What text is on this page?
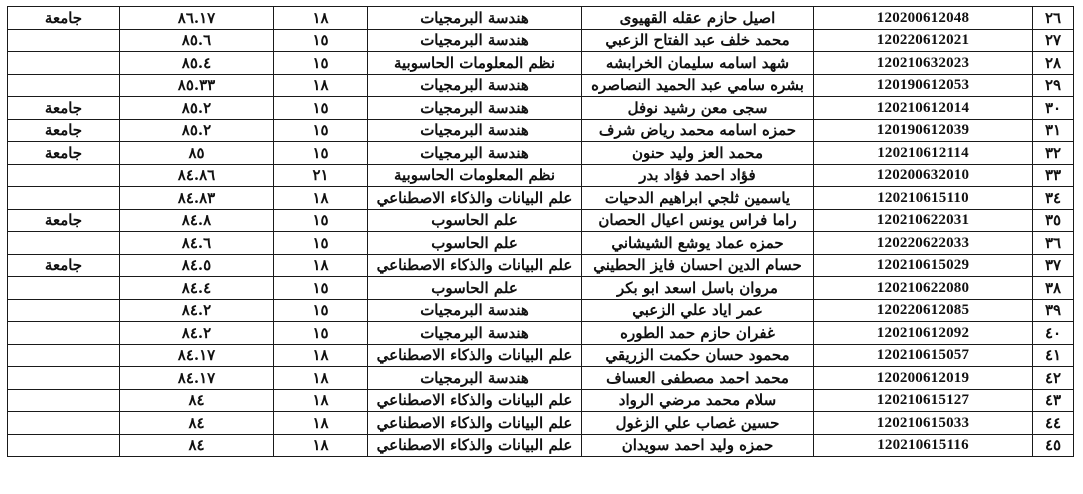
٢٦	120200612048	اصيل حازم عقله القهيوى	هندسة البرمجيات	١٨	٨٦.١٧	جامعة
٢٧	120220612021	محمد خلف عبد الفتاح الزعبي	هندسة البرمجيات	١٥	٨٥.٦	
٢٨	120210632023	شهد اسامه سليمان الخرابشه	نظم المعلومات الحاسوبية	١٥	٨٥.٤	
٢٩	120190612053	بشره سامي عبد الحميد النصاصره	هندسة البرمجيات	١٨	٨٥.٣٣	
٣٠	120210612014	سجى معن رشيد نوفل	هندسة البرمجيات	١٥	٨٥.٢	جامعة
٣١	120190612039	حمزه اسامه محمد رياض شرف	هندسة البرمجيات	١٥	٨٥.٢	جامعة
٣٢	120210612114	محمد العز وليد حنون	هندسة البرمجيات	١٥	٨٥	جامعة
٣٣	120200632010	فؤاد احمد فؤاد بدر	نظم المعلومات الحاسوبية	٢١	٨٤.٨٦	
٣٤	120210615110	ياسمين ثلجي ابراهيم الدحيات	علم البيانات والذكاء الاصطناعي	١٨	٨٤.٨٣	
٣٥	120210622031	راما فراس يونس اعيال الحصان	علم الحاسوب	١٥	٨٤.٨	جامعة
٣٦	120220622033	حمزه عماد يوشع الشيشاني	علم الحاسوب	١٥	٨٤.٦	
٣٧	120210615029	حسام الدين احسان فايز الحطيني	علم البيانات والذكاء الاصطناعي	١٨	٨٤.٥	جامعة
٣٨	120210622080	مروان باسل اسعد ابو بكر	علم الحاسوب	١٥	٨٤.٤	
٣٩	120220612085	عمر اياد علي الزعبي	هندسة البرمجيات	١٥	٨٤.٢	
٤٠	120210612092	غفران حازم حمد الطوره	هندسة البرمجيات	١٥	٨٤.٢	
٤١	120210615057	محمود حسان حكمت الزريقي	علم البيانات والذكاء الاصطناعي	١٨	٨٤.١٧	
٤٢	120200612019	محمد احمد مصطفى العساف	هندسة البرمجيات	١٨	٨٤.١٧	
٤٣	120210615127	سلام محمد مرضي الرواد	علم البيانات والذكاء الاصطناعي	١٨	٨٤	
٤٤	120210615033	حسين غصاب علي الزغول	علم البيانات والذكاء الاصطناعي	١٨	٨٤	
٤٥	120210615116	حمزه وليد احمد سويدان	علم البيانات والذكاء الاصطناعي	١٨	٨٤	
